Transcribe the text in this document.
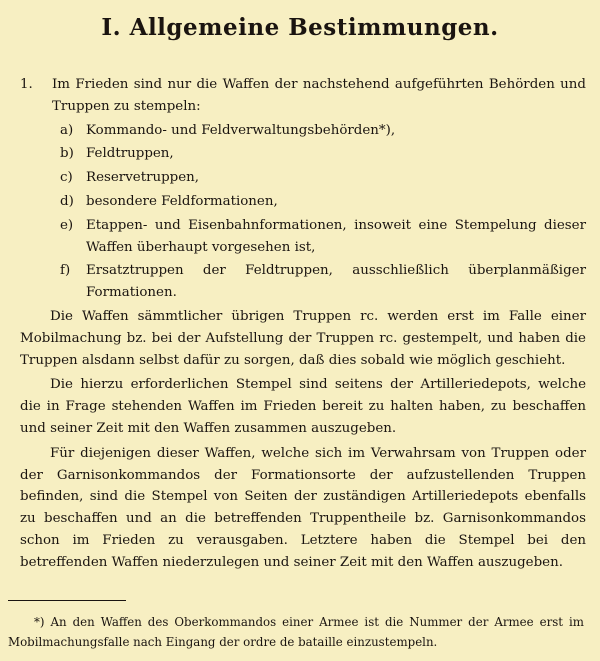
I. Allgemeine Bestimmungen.
1.	Im Frieden sind nur die Waffen der nachstehend aufgeführten Behörden und Truppen zu stempeln:
a) Kommando- und Feldverwaltungsbehörden*),
b) Feldtruppen,
c) Reservetruppen,
d) besondere Feldformationen,
e) Etappen- und Eisenbahnformationen, insoweit eine Stempelung dieser Waffen überhaupt vorgesehen ist,
f)	Ersatztruppen der Feldtruppen, ausschließlich überplanmäßiger Formationen.

Die Waffen sämmtlicher übrigen Truppen rc. werden erst im Falle einer Mobilmachung bz. bei der Aufstellung der Truppen rc. gestempelt, und haben die Truppen alsdann selbst dafür zu sorgen, daß dies sobald wie möglich geschieht.

Die hierzu erforderlichen Stempel sind seitens der Artilleriedepots, welche die in Frage stehenden Waffen im Frieden bereit zu halten haben, zu beschaffen und seiner Zeit mit den Waffen zusammen auszugeben.

Für diejenigen dieser Waffen, welche sich im Verwahrsam von Truppen oder der Garnisonkommandos der Formationsorte der aufzustellenden Truppen befinden, sind die Stempel von Seiten der zuständigen Artilleriedepots ebenfalls zu beschaffen und an die betreffenden Truppentheile bz. Garnisonkommandos schon im Frieden zu verausgaben. Letztere haben die Stempel bei den betreffenden Waffen niederzulegen und seiner Zeit mit den Waffen auszugeben.

*) An den Waffen des Oberkommandos einer Armee ist die Nummer der Armee erst im Mobilmachungsfalle nach Eingang der ordre de bataille einzustempeln.
